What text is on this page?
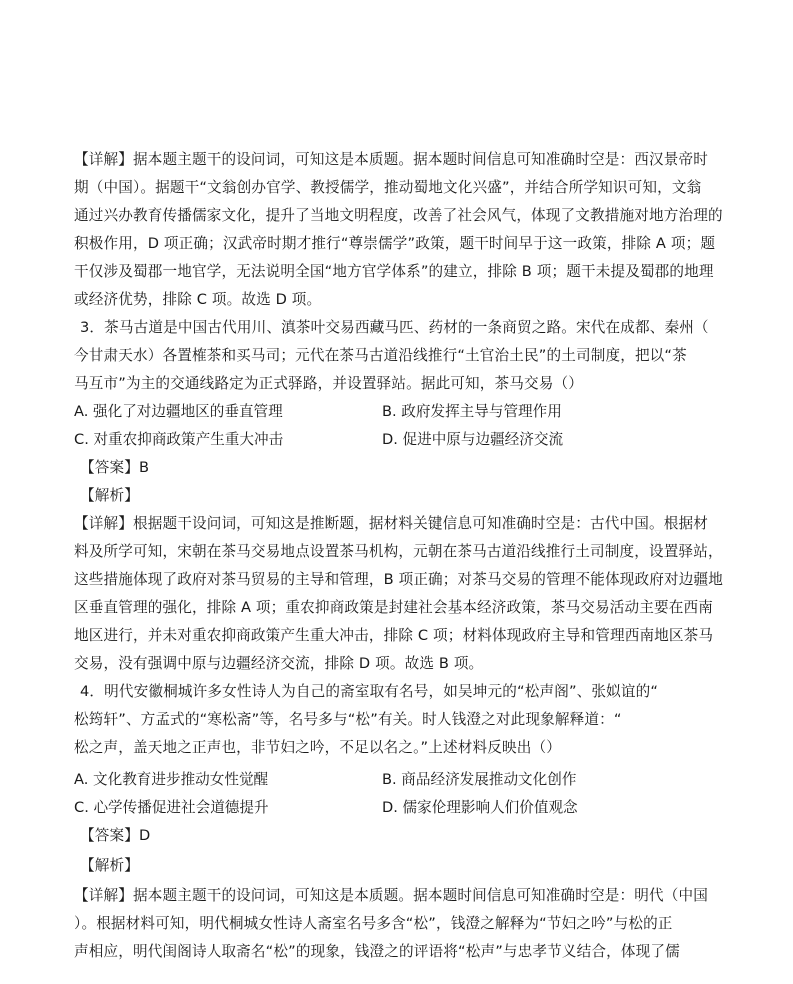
【详解】据本题主题干的设问词，可知这是本质题。据本题时间信息可知准确时空是：西汉景帝时
期（中国）。据题干“文翁创办官学、教授儒学，推动蜀地文化兴盛”，并结合所学知识可知，文翁
通过兴办教育传播儒家文化，提升了当地文明程度，改善了社会风气，体现了文教措施对地方治理的
积极作用，D 项正确；汉武帝时期才推行“尊崇儒学”政策，题干时间早于这一政策，排除 A 项；题
干仅涉及蜀郡一地官学，无法说明全国“地方官学体系”的建立，排除 B 项；题干未提及蜀郡的地理
或经济优势，排除 C 项。故选 D 项。
3．茶马古道是中国古代用川、滇茶叶交易西藏马匹、药材的一条商贸之路。宋代在成都、秦州（
今甘肃天水）各置榷茶和买马司；元代在茶马古道沿线推行“土官治土民”的土司制度，把以“茶
马互市”为主的交通线路定为正式驿路，并设置驿站。据此可知，茶马交易（）
A. 强化了对边疆地区的垂直管理	B. 政府发挥主导与管理作用
C. 对重农抑商政策产生重大冲击	D. 促进中原与边疆经济交流
【答案】B
【解析】
【详解】根据题干设问词，可知这是推断题，据材料关键信息可知准确时空是：古代中国。根据材
料及所学可知，宋朝在茶马交易地点设置茶马机构，元朝在茶马古道沿线推行土司制度，设置驿站，
这些措施体现了政府对茶马贸易的主导和管理，B 项正确；对茶马交易的管理不能体现政府对边疆地
区垂直管理的强化，排除 A 项；重农抑商政策是封建社会基本经济政策，茶马交易活动主要在西南
地区进行，并未对重农抑商政策产生重大冲击，排除 C 项；材料体现政府主导和管理西南地区茶马
交易，没有强调中原与边疆经济交流，排除 D 项。故选 B 项。
4．明代安徽桐城许多女性诗人为自己的斋室取有名号，如吴坤元的“松声阁”、张姒谊的“
松筠轩”、方孟式的“寒松斋”等，名号多与“松”有关。时人钱澄之对此现象解释道：“
松之声，盖天地之正声也，非节妇之吟，不足以名之。”上述材料反映出（）
A. 文化教育进步推动女性觉醒	B. 商品经济发展推动文化创作
C. 心学传播促进社会道德提升	D. 儒家伦理影响人们价值观念
【答案】D
【解析】
【详解】据本题主题干的设问词，可知这是本质题。据本题时间信息可知准确时空是：明代（中国
）。根据材料可知，明代桐城女性诗人斋室名号多含“松”，钱澄之解释为“节妇之吟”与松的正
声相应，明代闺阁诗人取斋名“松”的现象，钱澄之的评语将“松声”与忠孝节义结合，体现了儒
